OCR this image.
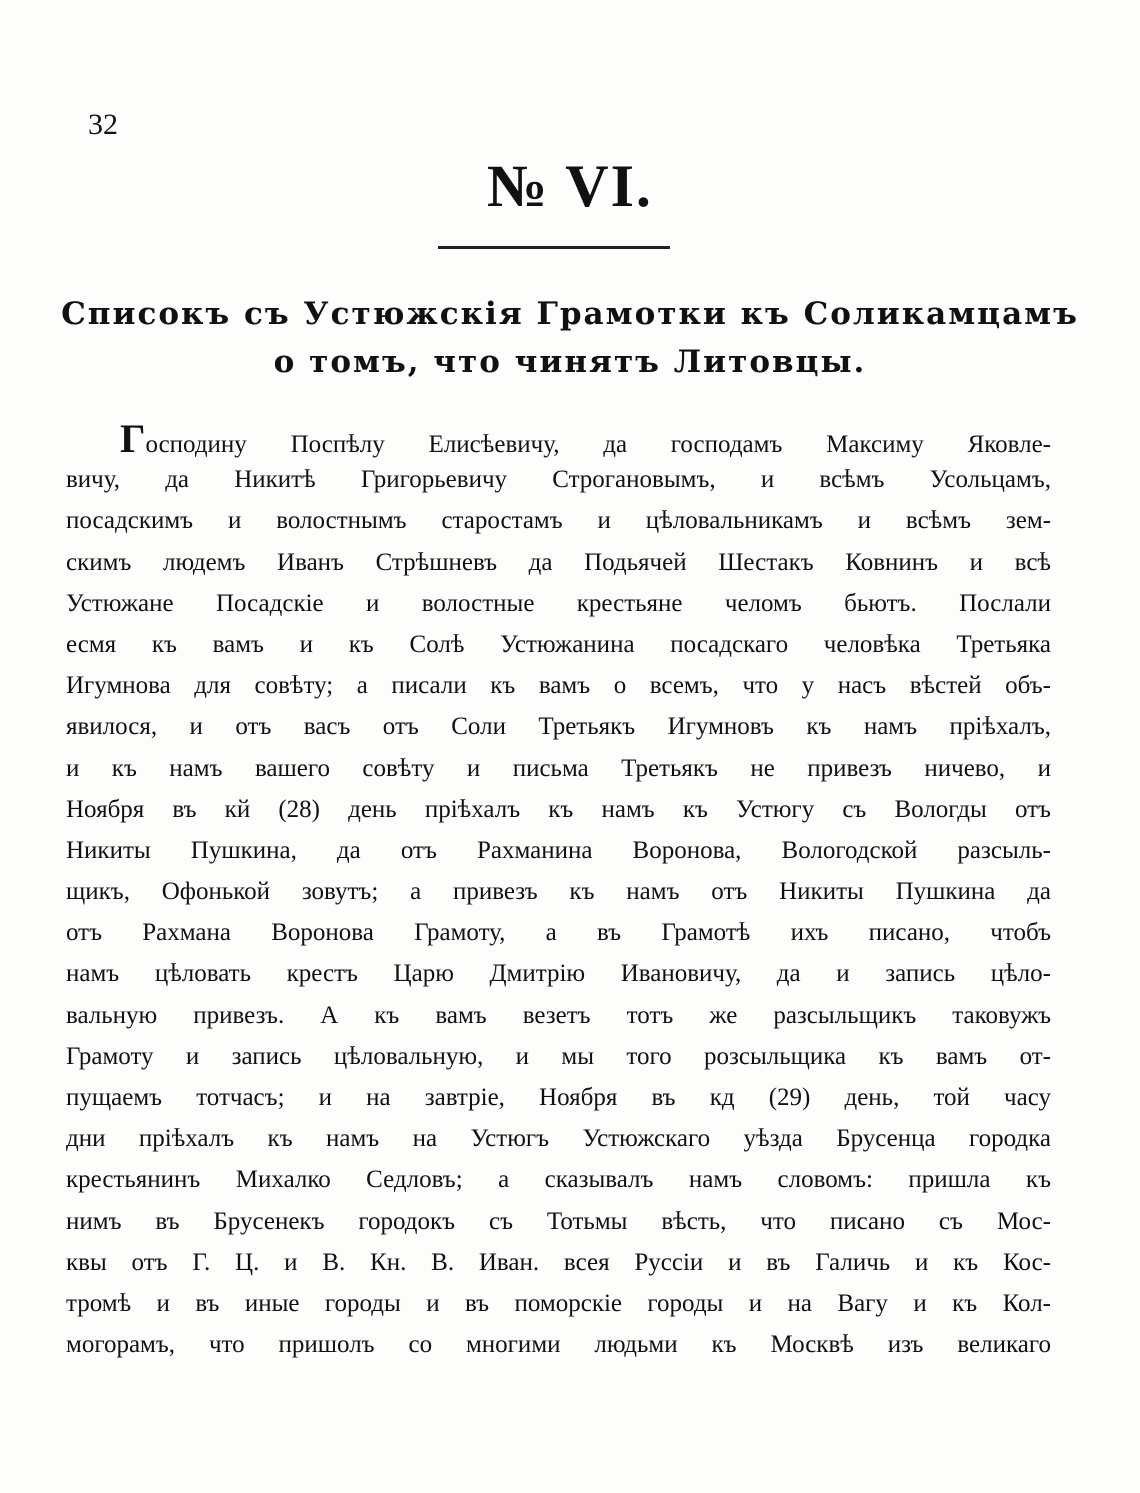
32
№ VI.
Списокъ съ Устюжскія Грамотки къ Соликамцамъ
о томъ, что чинятъ Литовцы.
Господину Поспѣлу Елисѣевичу, да господамъ Максиму Яковле-
вичу, да Никитѣ Григорьевичу Строгановымъ, и всѣмъ Усольцамъ,
посадскимъ и волостнымъ старостамъ и цѣловальникамъ и всѣмъ зем-
скимъ людемъ Иванъ Стрѣшневъ да Подьячей Шестакъ Ковнинъ и всѣ
Устюжане Посадскіе и волостные крестьяне челомъ бьютъ. Послали
есмя къ вамъ и къ Солѣ Устюжанина посадскаго человѣка Третьяка
Игумнова для совѣту; а писали къ вамъ о всемъ, что у насъ вѣстей объ-
явилося, и отъ васъ отъ Соли Третьякъ Игумновъ къ намъ пріѣхалъ,
и къ намъ вашего совѣту и письма Третьякъ не привезъ ничево, и
Ноября въ кй (28) день пріѣхалъ къ намъ къ Устюгу съ Вологды отъ
Никиты Пушкина, да отъ Рахманина Воронова, Вологодской разсыль-
щикъ, Офонькой зовутъ; а привезъ къ намъ отъ Никиты Пушкина да
отъ Рахмана Воронова Грамоту, а въ Грамотѣ ихъ писано, чтобъ
намъ цѣловать крестъ Царю Дмитрію Ивановичу, да и запись цѣло-
вальную привезъ. А къ вамъ везетъ тотъ же разсыльщикъ таковужъ
Грамоту и запись цѣловальную, и мы того розсыльщика къ вамъ от-
пущаемъ тотчасъ; и на завтріе, Ноября въ кд (29) день, той часу
дни пріѣхалъ къ намъ на Устюгъ Устюжскаго уѣзда Брусенца городка
крестьянинъ Михалко Седловъ; а сказывалъ намъ словомъ: пришла къ
нимъ въ Брусенекъ городокъ съ Тотьмы вѣсть, что писано съ Мос-
квы отъ Г. Ц. и В. Кн. В. Иван. всея Руссіи и въ Галичь и къ Кос-
тромѣ и въ иные городы и въ поморскіе городы и на Вагу и къ Кол-
могорамъ, что пришолъ со многими людьми къ Москвѣ изъ великаго
